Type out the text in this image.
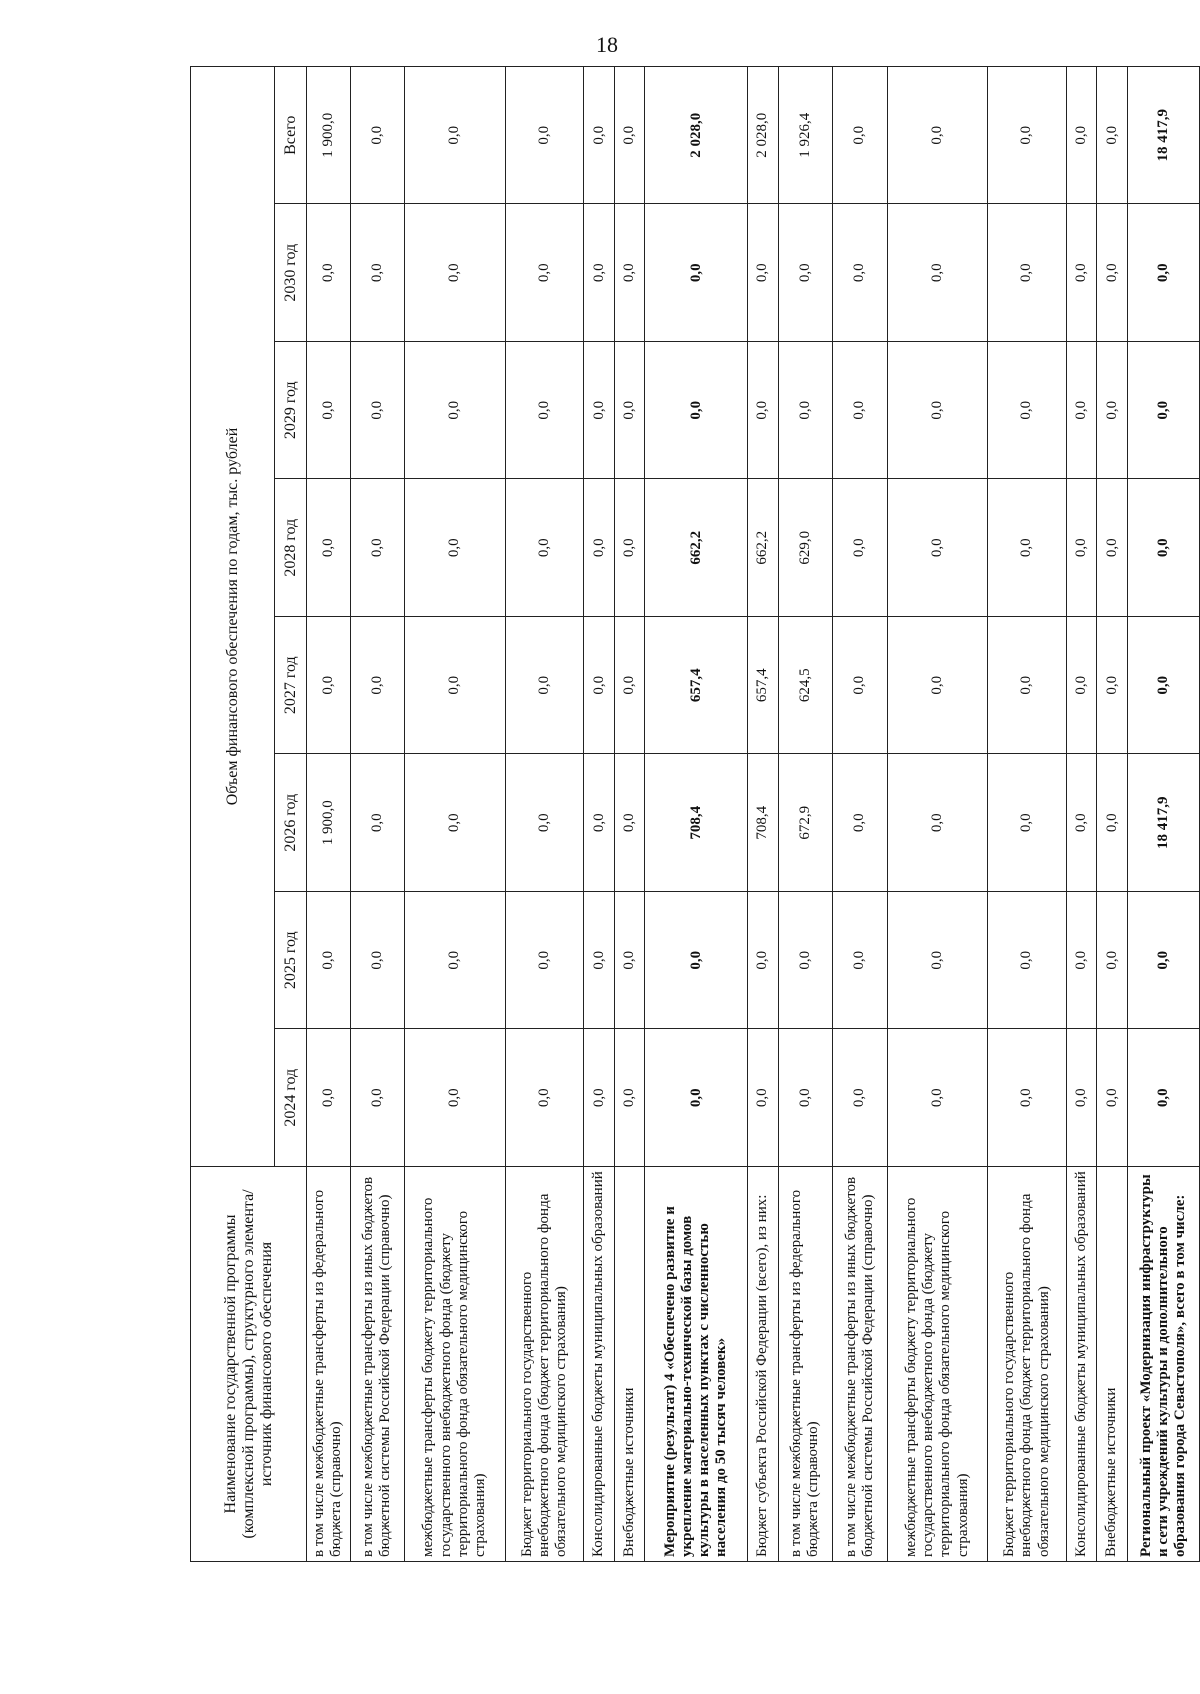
18
Наименование государственной программы (комплексной программы), структурного элемента/источник финансового обеспечения	Объем финансового обеспечения по годам, тыс. рублей							
	2024 год	2025 год	2026 год	2027 год	2028 год	2029 год	2030 год	Всего
в том числе межбюджетные трансферты из федерального бюджета (справочно)	0,0	0,0	1 900,0	0,0	0,0	0,0	0,0	1 900,0
в том числе межбюджетные трансферты из иных бюджетов бюджетной системы Российской Федерации (справочно)	0,0	0,0	0,0	0,0	0,0	0,0	0,0	0,0
межбюджетные трансферты бюджету территориального государственного внебюджетного фонда (бюджету территориального фонда обязательного медицинского страхования)	0,0	0,0	0,0	0,0	0,0	0,0	0,0	0,0
Бюджет территориального государственного внебюджетного фонда (бюджет территориального фонда обязательного медицинского страхования)	0,0	0,0	0,0	0,0	0,0	0,0	0,0	0,0
Консолидированные бюджеты муниципальных образований	0,0	0,0	0,0	0,0	0,0	0,0	0,0	0,0
Внебюджетные источники	0,0	0,0	0,0	0,0	0,0	0,0	0,0	0,0
Мероприятие (результат) 4 «Обеспечено развитие и укрепление материально-технической базы домов культуры в населенных пунктах с численностью населения до 50 тысяч человек»	0,0	0,0	708,4	657,4	662,2	0,0	0,0	2 028,0
Бюджет субъекта Российской Федерации (всего), из них:	0,0	0,0	708,4	657,4	662,2	0,0	0,0	2 028,0
в том числе межбюджетные трансферты из федерального бюджета (справочно)	0,0	0,0	672,9	624,5	629,0	0,0	0,0	1 926,4
в том числе межбюджетные трансферты из иных бюджетов бюджетной системы Российской Федерации (справочно)	0,0	0,0	0,0	0,0	0,0	0,0	0,0	0,0
межбюджетные трансферты бюджету территориального государственного внебюджетного фонда (бюджету территориального фонда обязательного медицинского страхования)	0,0	0,0	0,0	0,0	0,0	0,0	0,0	0,0
Бюджет территориального государственного внебюджетного фонда (бюджет территориального фонда обязательного медицинского страхования)	0,0	0,0	0,0	0,0	0,0	0,0	0,0	0,0
Консолидированные бюджеты муниципальных образований	0,0	0,0	0,0	0,0	0,0	0,0	0,0	0,0
Внебюджетные источники	0,0	0,0	0,0	0,0	0,0	0,0	0,0	0,0
Региональный проект «Модернизация инфраструктуры и сети учреждений культуры и дополнительного образования города Севастополя», всего в том числе:	0,0	0,0	18 417,9	0,0	0,0	0,0	0,0	18 417,9
